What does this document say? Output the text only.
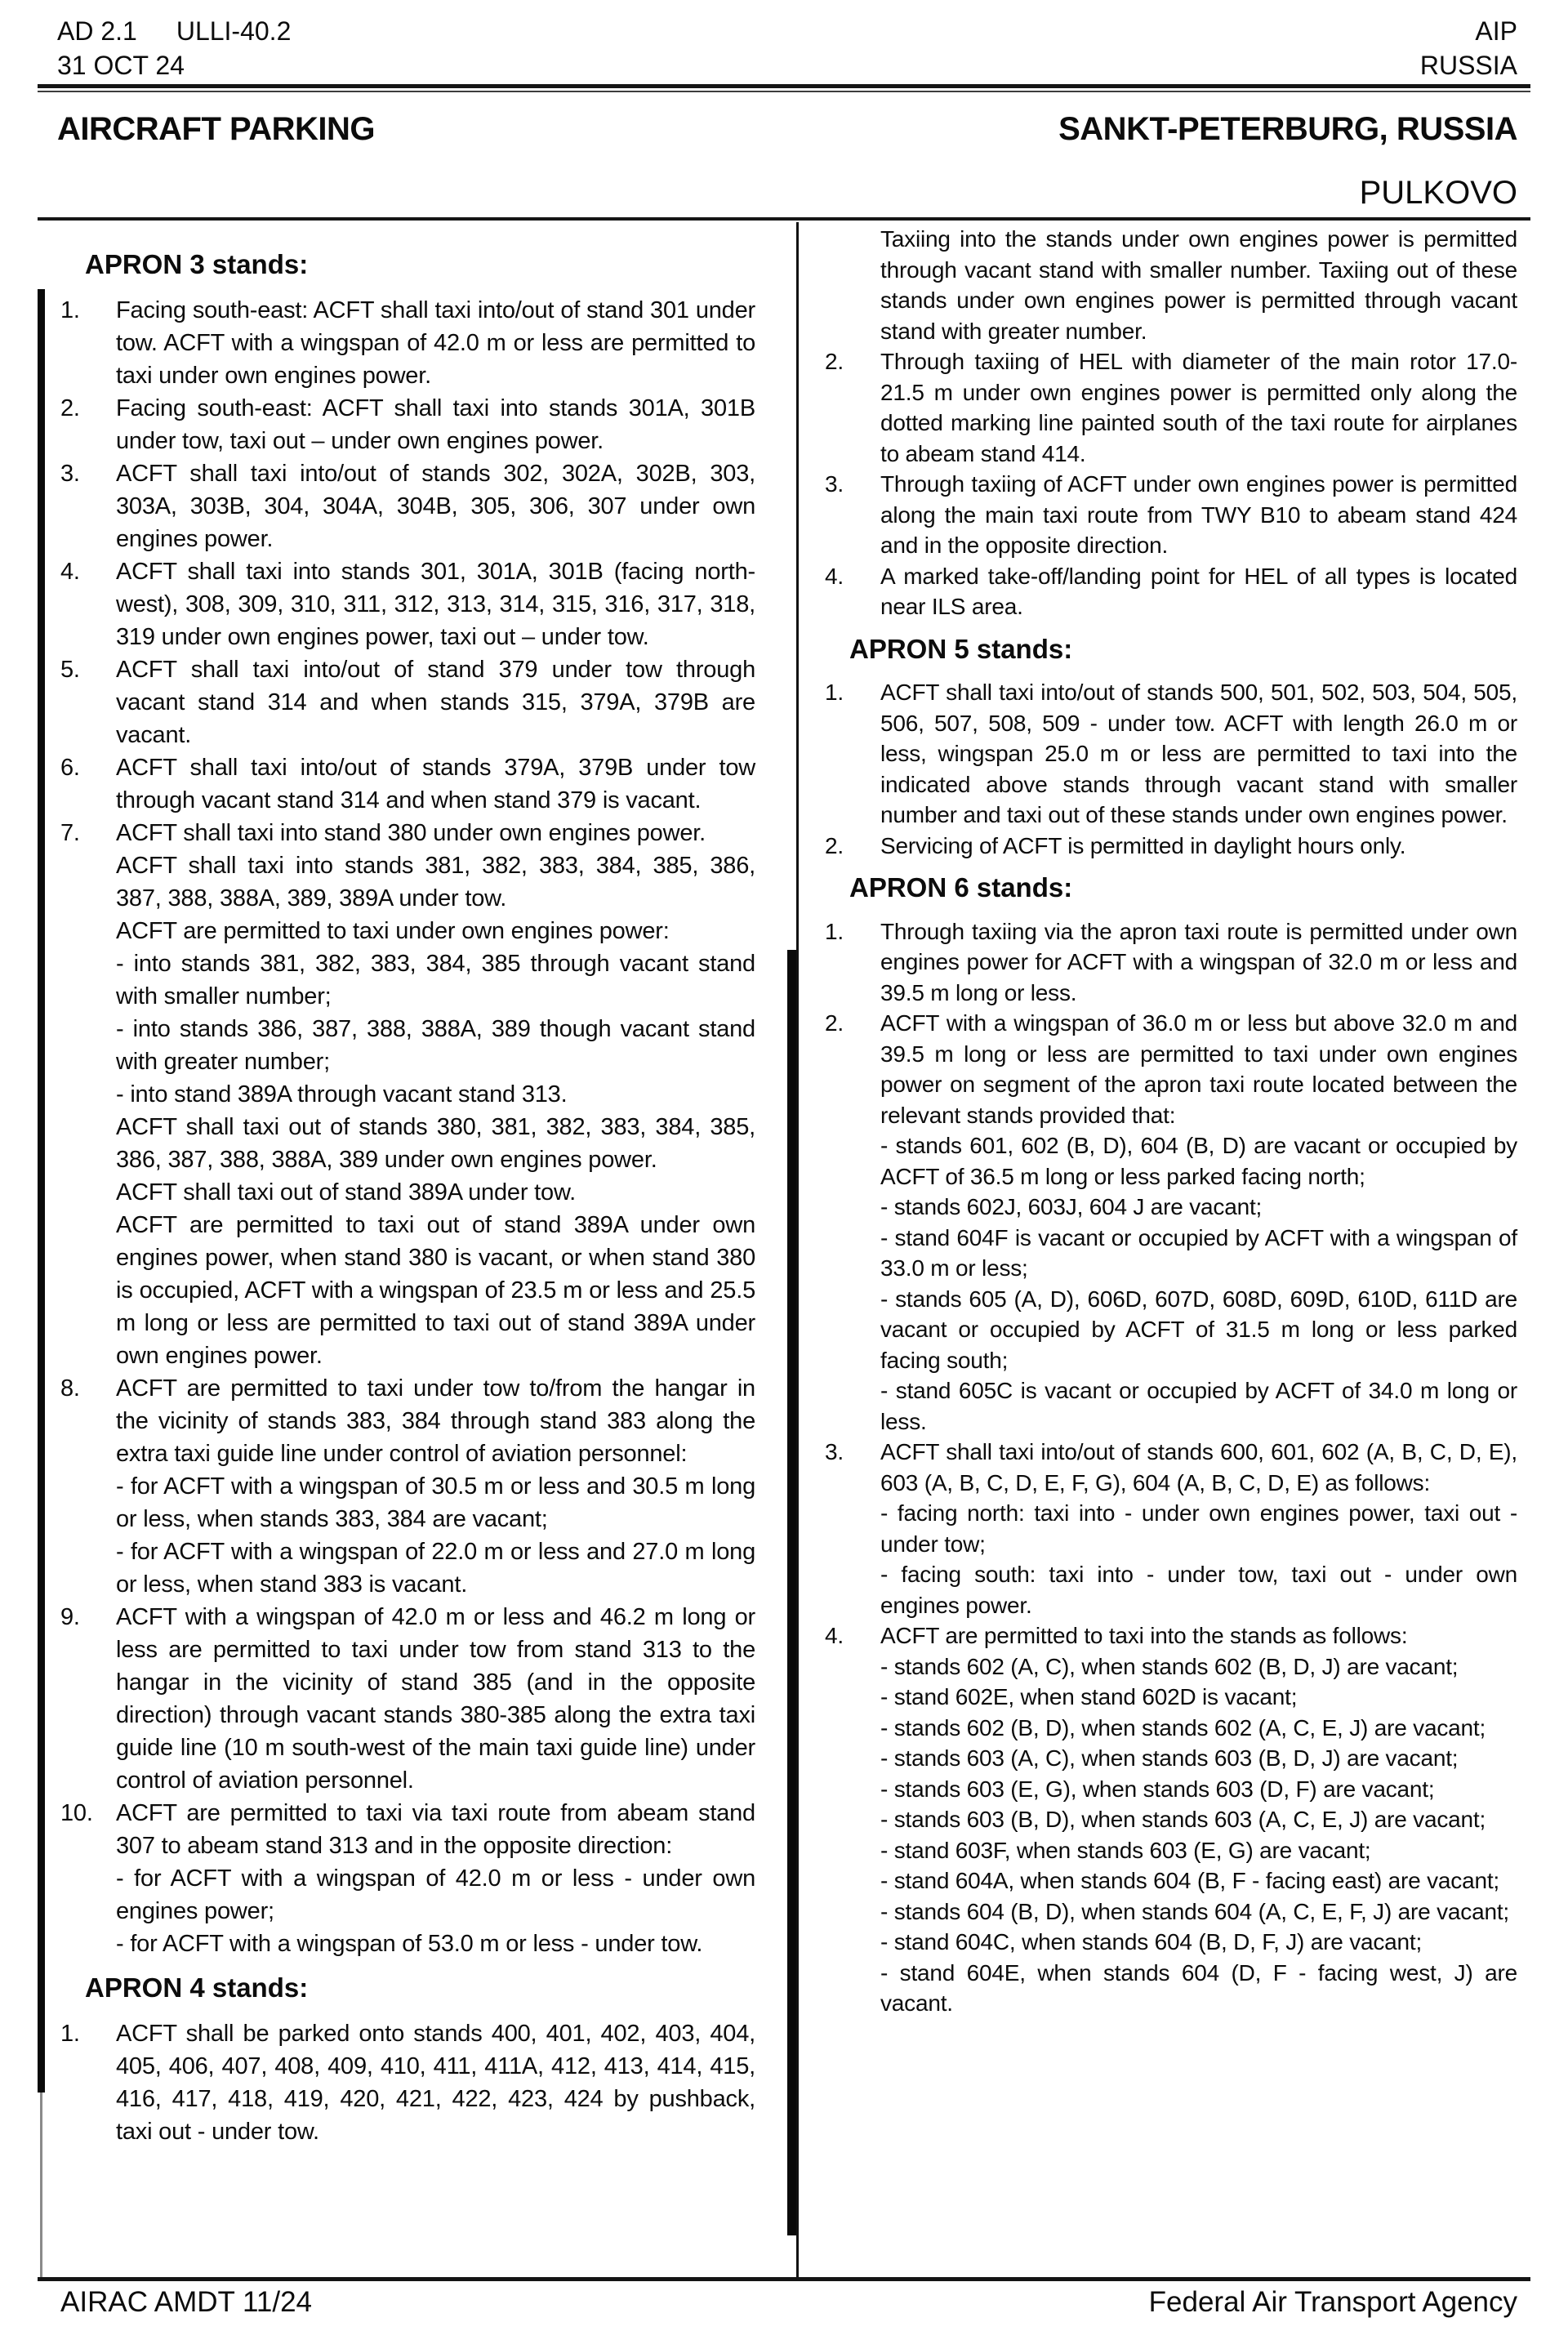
AD 2.1 ULLI-40.2	AIP
31 OCT 24	RUSSIA
AIRCRAFT PARKING	SANKT-PETERBURG, RUSSIA
PULKOVO
APRON 3 stands:
1. Facing south-east: ACFT shall taxi into/out of stand 301 under tow. ACFT with a wingspan of 42.0 m or less are permitted to taxi under own engines power.

2. Facing south-east: ACFT shall taxi into stands 301A, 301B under tow, taxi out – under own engines power.

3. ACFT shall taxi into/out of stands 302, 302A, 302B, 303, 303A, 303B, 304, 304A, 304B, 305, 306, 307 under own engines power.

4. ACFT shall taxi into stands 301, 301A, 301B (facing north-west), 308, 309, 310, 311, 312, 313, 314, 315, 316, 317, 318, 319 under own engines power, taxi out – under tow.

5. ACFT shall taxi into/out of stand 379 under tow through vacant stand 314 and when stands 315, 379A, 379B are vacant.

6. ACFT shall taxi into/out of stands 379A, 379B under tow through vacant stand 314 and when stand 379 is vacant.

7. ACFT shall taxi into stand 380 under own engines power.

ACFT shall taxi into stands 381, 382, 383, 384, 385, 386, 387, 388, 388A, 389, 389A under tow.

ACFT are permitted to taxi under own engines power:

- into stands 381, 382, 383, 384, 385 through vacant stand with smaller number;

- into stands 386, 387, 388, 388A, 389 though vacant stand with greater number;

- into stand 389A through vacant stand 313.

ACFT shall taxi out of stands 380, 381, 382, 383, 384, 385, 386, 387, 388, 388A, 389 under own engines power.

ACFT shall taxi out of stand 389A under tow.

ACFT are permitted to taxi out of stand 389A under own engines power, when stand 380 is vacant, or when stand 380 is occupied, ACFT with a wingspan of 23.5 m or less and 25.5 m long or less are permitted to taxi out of stand 389A under own engines power.

8. ACFT are permitted to taxi under tow to/from the hangar in the vicinity of stands 383, 384 through stand 383 along the extra taxi guide line under control of aviation personnel:

- for ACFT with a wingspan of 30.5 m or less and 30.5 m long or less, when stands 383, 384 are vacant;

- for ACFT with a wingspan of 22.0 m or less and 27.0 m long or less, when stand 383 is vacant.

9. ACFT with a wingspan of 42.0 m or less and 46.2 m long or less are permitted to taxi under tow from stand 313 to the hangar in the vicinity of stand 385 (and in the opposite direction) through vacant stands 380-385 along the extra taxi guide line (10 m south-west of the main taxi guide line) under control of aviation personnel.

10. ACFT are permitted to taxi via taxi route from abeam stand 307 to abeam stand 313 and in the opposite direction:

- for ACFT with a wingspan of 42.0 m or less - under own engines power;

- for ACFT with a wingspan of 53.0 m or less - under tow.

APRON 4 stands:
1. ACFT shall be parked onto stands 400, 401, 402, 403, 404, 405, 406, 407, 408, 409, 410, 411, 411A, 412, 413, 414, 415, 416, 417, 418, 419, 420, 421, 422, 423, 424 by pushback, taxi out - under tow.

Taxiing into the stands under own engines power is permitted through vacant stand with smaller number. Taxiing out of these stands under own engines power is permitted through vacant stand with greater number.

2. Through taxiing of HEL with diameter of the main rotor 17.0-21.5 m under own engines power is permitted only along the dotted marking line painted south of the taxi route for airplanes to abeam stand 414.

3. Through taxiing of ACFT under own engines power is permitted along the main taxi route from TWY B10 to abeam stand 424 and in the opposite direction.

4. A marked take-off/landing point for HEL of all types is located near ILS area.

APRON 5 stands:
1. ACFT shall taxi into/out of stands 500, 501, 502, 503, 504, 505, 506, 507, 508, 509 - under tow. ACFT with length 26.0 m or less, wingspan 25.0 m or less are permitted to taxi into the indicated above stands through vacant stand with smaller number and taxi out of these stands under own engines power.

2. Servicing of ACFT is permitted in daylight hours only.

APRON 6 stands:
1. Through taxiing via the apron taxi route is permitted under own engines power for ACFT with a wingspan of 32.0 m or less and 39.5 m long or less.

2. ACFT with a wingspan of 36.0 m or less but above 32.0 m and 39.5 m long or less are permitted to taxi under own engines power on segment of the apron taxi route located between the relevant stands provided that:

- stands 601, 602 (B, D), 604 (B, D) are vacant or occupied by ACFT of 36.5 m long or less parked facing north;

- stands 602J, 603J, 604 J are vacant;

- stand 604F is vacant or occupied by ACFT with a wingspan of 33.0 m or less;

- stands 605 (A, D), 606D, 607D, 608D, 609D, 610D, 611D are vacant or occupied by ACFT of 31.5 m long or less parked facing south;

- stand 605C is vacant or occupied by ACFT of 34.0 m long or less.

3. ACFT shall taxi into/out of stands 600, 601, 602 (A, B, C, D, E), 603 (A, B, C, D, E, F, G), 604 (A, B, C, D, E) as follows:

- facing north: taxi into - under own engines power, taxi out - under tow;

- facing south: taxi into - under tow, taxi out - under own engines power.

4. ACFT are permitted to taxi into the stands as follows:

- stands 602 (A, C), when stands 602 (B, D, J) are vacant;

- stand 602E, when stand 602D is vacant;

- stands 602 (B, D), when stands 602 (A, C, E, J) are vacant;

- stands 603 (A, C), when stands 603 (B, D, J) are vacant;

- stands 603 (E, G), when stands 603 (D, F) are vacant;

- stands 603 (B, D), when stands 603 (A, C, E, J) are vacant;

- stand 603F, when stands 603 (E, G) are vacant;

- stand 604A, when stands 604 (B, F - facing east) are vacant;

- stands 604 (B, D), when stands 604 (A, C, E, F, J) are vacant;

- stand 604C, when stands 604 (B, D, F, J) are vacant;

- stand 604E, when stands 604 (D, F - facing west, J) are vacant.

AIRAC AMDT 11/24	Federal Air Transport Agency
